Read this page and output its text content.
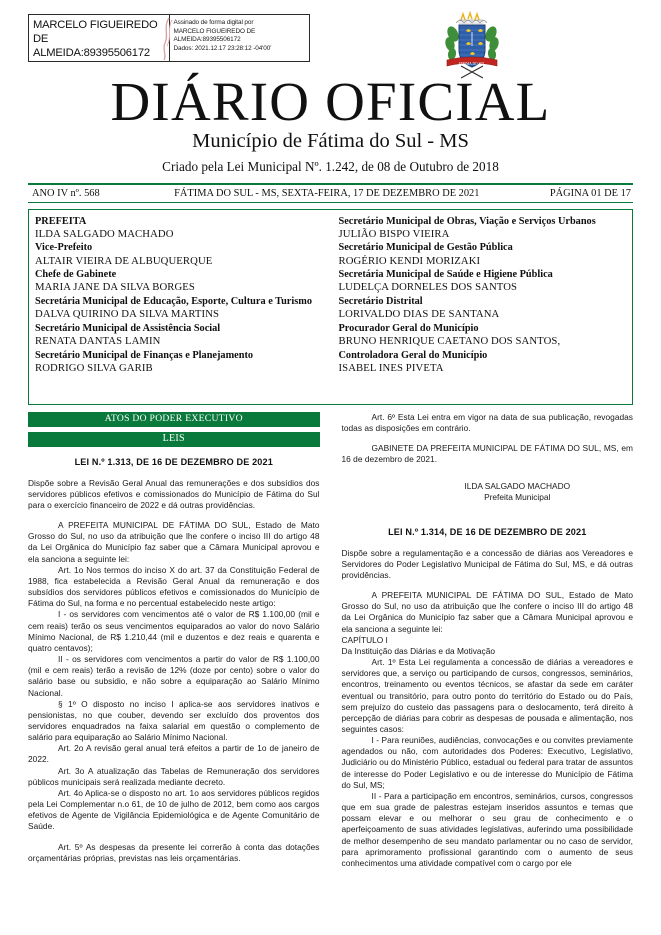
MARCELO FIGUEIREDO DE ALMEIDA:89395506172
Assinado de forma digital por
MARCELO FIGUEIREDO DE
ALMEIDA:89395506172
Dados: 2021.12.17 23:28:12 -04'00'
FATIMA DO SUL
DIÁRIO OFICIAL
Município de Fátima do Sul - MS
Criado pela Lei Municipal Nº. 1.242, de 08 de Outubro de 2018
ANO IV nº. 568	FÁTIMA DO SUL - MS, SEXTA-FEIRA, 17 DE DEZEMBRO DE 2021	PÁGINA 01 DE 17
PREFEITA
ILDA SALGADO MACHADO
Vice-Prefeito
ALTAIR VIEIRA DE ALBUQUERQUE
Chefe de Gabinete
MARIA JANE DA SILVA BORGES
Secretária Municipal de Educação, Esporte, Cultura e Turismo
DALVA QUIRINO DA SILVA MARTINS
Secretário Municipal de Assistência Social
RENATA DANTAS LAMIN
Secretário Municipal de Finanças e Planejamento
RODRIGO SILVA GARIB
Secretário Municipal de Obras, Viação e Serviços Urbanos
JULIÃO BISPO VIEIRA
Secretário Municipal de Gestão Pública
ROGÉRIO KENDI MORIZAKI
Secretária Municipal de Saúde e Higiene Pública
LUDELÇA DORNELES DOS SANTOS
Secretário Distrital
LORIVALDO DIAS DE SANTANA
Procurador Geral do Município
BRUNO HENRIQUE CAETANO DOS SANTOS,
Controladora Geral do Município
ISABEL INES PIVETA
ATOS DO PODER EXECUTIVO
LEIS
LEI N.º 1.313, DE 16 DE DEZEMBRO DE 2021

Dispõe sobre a Revisão Geral Anual das remunerações e dos subsídios dos servidores públicos efetivos e comissionados do Município de Fátima do Sul para o exercício financeiro de 2022 e dá outras providências.

A PREFEITA MUNICIPAL DE FÁTIMA DO SUL, Estado de Mato Grosso do Sul, no uso da atribuição que lhe confere o inciso III do artigo 48 da Lei Orgânica do Município faz saber que a Câmara Municipal aprovou e ela sanciona a seguinte lei:

Art. 1o Nos termos do inciso X do art. 37 da Constituição Federal de 1988, fica estabelecida a Revisão Geral Anual da remuneração e dos subsídios dos servidores públicos efetivos e comissionados do Município de Fátima do Sul, na forma e no percentual estabelecido neste artigo:

I - os servidores com vencimentos até o valor de R$ 1.100,00 (mil e cem reais) terão os seus vencimentos equiparados ao valor do novo Salário Mínimo Nacional, de R$ 1.210,44 (mil e duzentos e dez reais e quarenta e quatro centavos);

II - os servidores com vencimentos a partir do valor de R$ 1.100,00 (mil e cem reais) terão a revisão de 12% (doze por cento) sobre o valor do salário base ou subsidio, e não sobre a equiparação ao Salário Mínimo Nacional.

§ 1º O disposto no inciso I aplica-se aos servidores inativos e pensionistas, no que couber, devendo ser excluído dos proventos dos servidores enquadrados na faixa salarial em questão o complemento de salário para equiparação ao Salário Mínimo Nacional.

Art. 2o A revisão geral anual terá efeitos a partir de 1o de janeiro de 2022.

Art. 3o A atualização das Tabelas de Remuneração dos servidores públicos municipais será realizada mediante decreto.

Art. 4o Aplica-se o disposto no art. 1o aos servidores públicos regidos pela Lei Complementar n.o 61, de 10 de julho de 2012, bem como aos cargos efetivos de Agente de Vigilância Epidemiológica e de Agente Comunitário de Saúde.

Art. 5º As despesas da presente lei correrão à conta das dotações orçamentárias próprias, previstas nas leis orçamentárias.

Art. 6º Esta Lei entra em vigor na data de sua publicação, revogadas todas as disposições em contrário.

GABINETE DA PREFEITA MUNICIPAL DE FÁTIMA DO SUL, MS, em 16 de dezembro de 2021.

ILDA SALGADO MACHADO
Prefeita Municipal
LEI N.º 1.314, DE 16 DE DEZEMBRO DE 2021

Dispõe sobre a regulamentação e a concessão de diárias aos Vereadores e Servidores do Poder Legislativo Municipal de Fátima do Sul, MS, e dá outras providências.

A PREFEITA MUNICIPAL DE FÁTIMA DO SUL, Estado de Mato Grosso do Sul, no uso da atribuição que lhe confere o inciso III do artigo 48 da Lei Orgânica do Município faz saber que a Câmara Municipal aprovou e ela sanciona a seguinte lei:

CAPÍTULO I
Da Instituição das Diárias e da Motivação

Art. 1º Esta Lei regulamenta a concessão de diárias a vereadores e servidores que, a serviço ou participando de cursos, congressos, seminários, encontros, treinamento ou eventos técnicos, se afastar da sede em caráter eventual ou transitório, para outro ponto do território do Estado ou do País, sem prejuízo do custeio das passagens para o deslocamento, terá direito à percepção de diárias para cobrir as despesas de pousada e alimentação, nos seguintes casos:

I - Para reuniões, audiências, convocações e ou convites previamente agendados ou não, com autoridades dos Poderes: Executivo, Legislativo, Judiciário ou do Ministério Público, estadual ou federal para tratar de assuntos de interesse do Poder Legislativo e ou de interesse do Município de Fátima do Sul, MS;

II - Para a participação em encontros, seminários, cursos, congressos que em sua grade de palestras estejam inseridos assuntos e temas que possam elevar e ou melhorar o seu grau de conhecimento e o aperfeiçoamento de suas atividades legislativas, auferindo uma possibilidade de melhor desempenho de seu mandato parlamentar ou no caso de servidor, para aprimoramento profissional garantindo com o aumento de seus conhecimentos uma atividade compatível com o cargo por ele
